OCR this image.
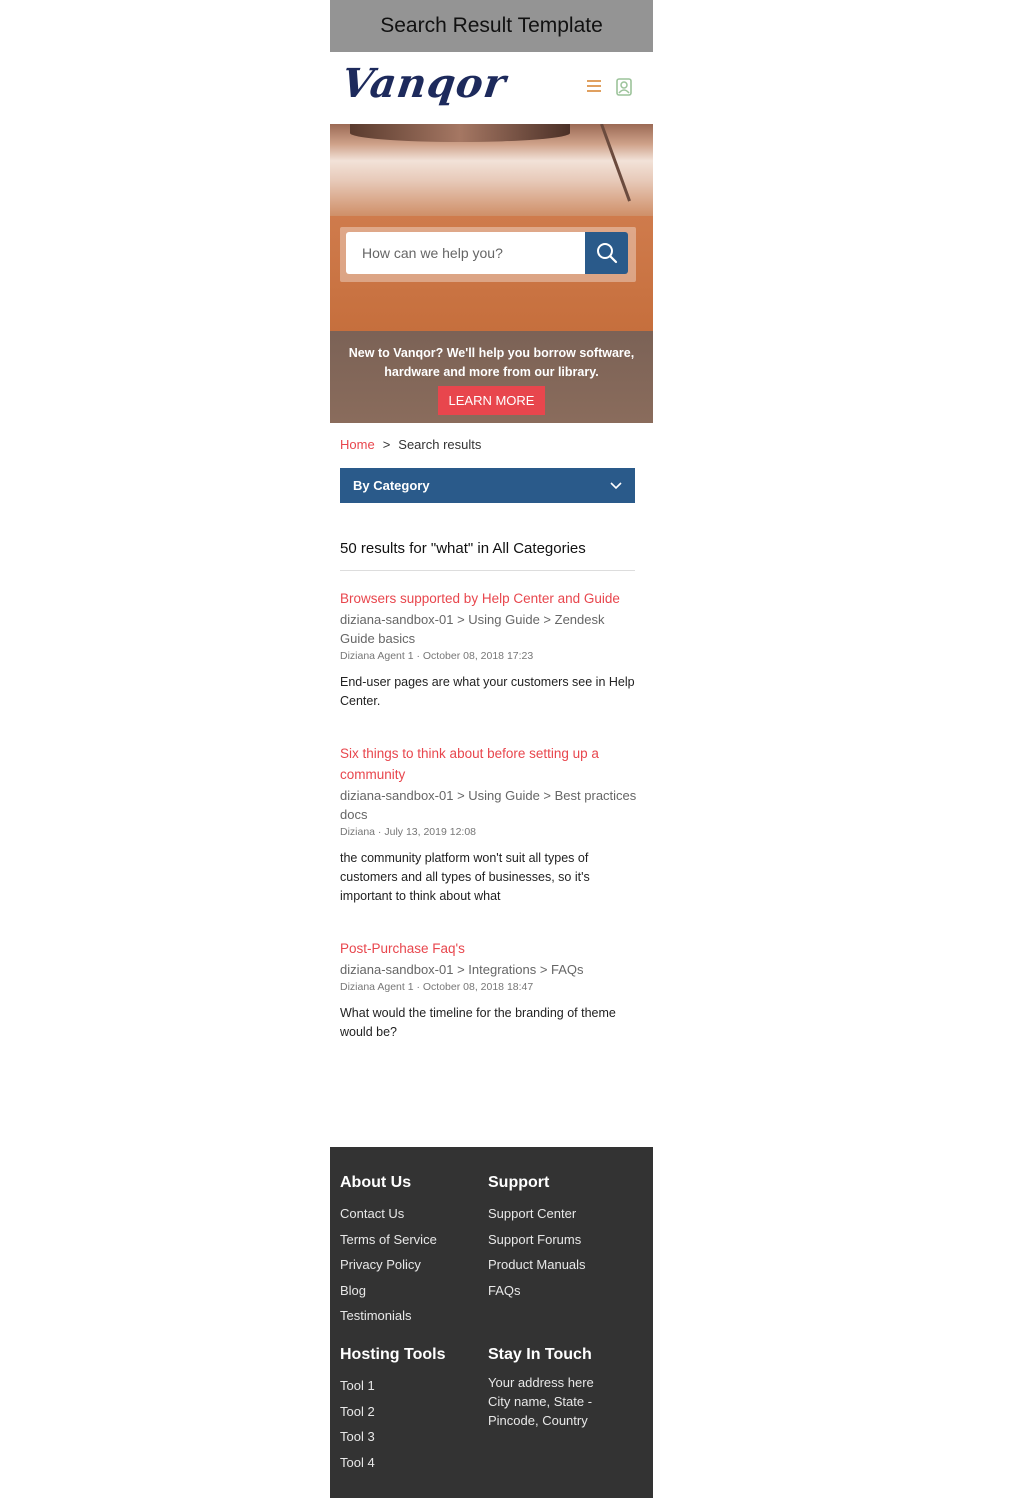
Search Result Template
Vanqor
How can we help you?
New to Vanqor? We'll help you borrow software, hardware and more from our library.
LEARN MORE
Home > Search results
By Category
50 results for "what" in All Categories
Browsers supported by Help Center and Guide
diziana-sandbox-01 > Using Guide > Zendesk Guide basics
Diziana Agent 1 · October 08, 2018 17:23
End-user pages are what your customers see in Help Center.
Six things to think about before setting up a community
diziana-sandbox-01 > Using Guide > Best practices docs
Diziana · July 13, 2019 12:08
the community platform won't suit all types of customers and all types of businesses, so it's important to think about what
Post-Purchase Faq's
diziana-sandbox-01 > Integrations > FAQs
Diziana Agent 1 · October 08, 2018 18:47
What would the timeline for the branding of theme would be?
About Us
Contact Us
Terms of Service
Privacy Policy
Blog
Testimonials
Support
Support Center
Support Forums
Product Manuals
FAQs
Hosting Tools
Tool 1
Tool 2
Tool 3
Tool 4
Stay In Touch
Your address here City name, State - Pincode, Country
